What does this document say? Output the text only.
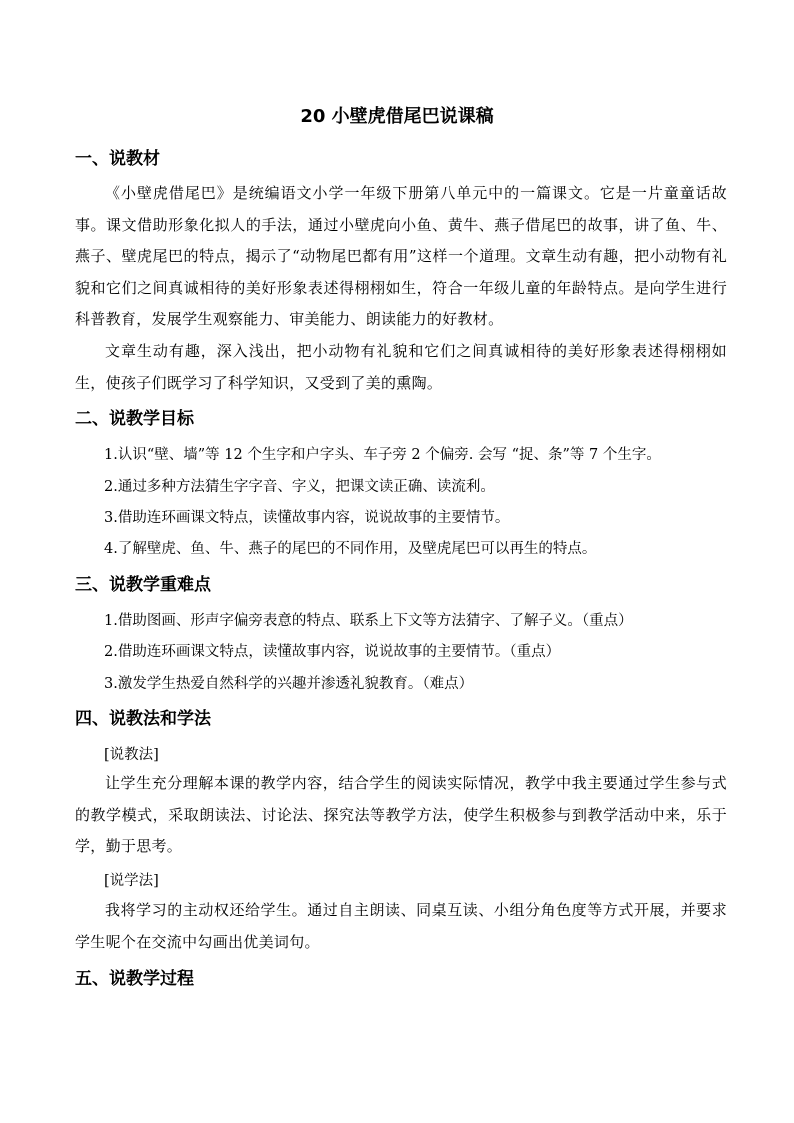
20 小壁虎借尾巴说课稿
一、说教材
《小壁虎借尾巴》是统编语文小学一年级下册第八单元中的一篇课文。它是一片童童话故事。课文借助形象化拟人的手法，通过小壁虎向小鱼、黄牛、燕子借尾巴的故事，讲了鱼、牛、燕子、壁虎尾巴的特点，揭示了“动物尾巴都有用”这样一个道理。文章生动有趣，把小动物有礼貌和它们之间真诚相待的美好形象表述得栩栩如生，符合一年级儿童的年龄特点。是向学生进行科普教育，发展学生观察能力、审美能力、朗读能力的好教材。
文章生动有趣，深入浅出，把小动物有礼貌和它们之间真诚相待的美好形象表述得栩栩如生，使孩子们既学习了科学知识，又受到了美的熏陶。
二、说教学目标
1.认识“壁、墙”等 12 个生字和户字头、车子旁 2 个偏旁. 会写 “捉、条”等 7 个生字。
2.通过多种方法猜生字字音、字义，把课文读正确、读流利。
3.借助连环画课文特点，读懂故事内容，说说故事的主要情节。
4.了解壁虎、鱼、牛、燕子的尾巴的不同作用，及壁虎尾巴可以再生的特点。
三、说教学重难点
1.借助图画、形声字偏旁表意的特点、联系上下文等方法猜字、了解子义。（重点）
2.借助连环画课文特点，读懂故事内容，说说故事的主要情节。（重点）
3.激发学生热爱自然科学的兴趣并渗透礼貌教育。（难点）
四、说教法和学法
[说教法]
让学生充分理解本课的教学内容，结合学生的阅读实际情况，教学中我主要通过学生参与式的教学模式，采取朗读法、讨论法、探究法等教学方法，使学生积极参与到教学活动中来，乐于学，勤于思考。
[说学法]
我将学习的主动权还给学生。通过自主朗读、同桌互读、小组分角色度等方式开展，并要求学生呢个在交流中勾画出优美词句。
五、说教学过程
